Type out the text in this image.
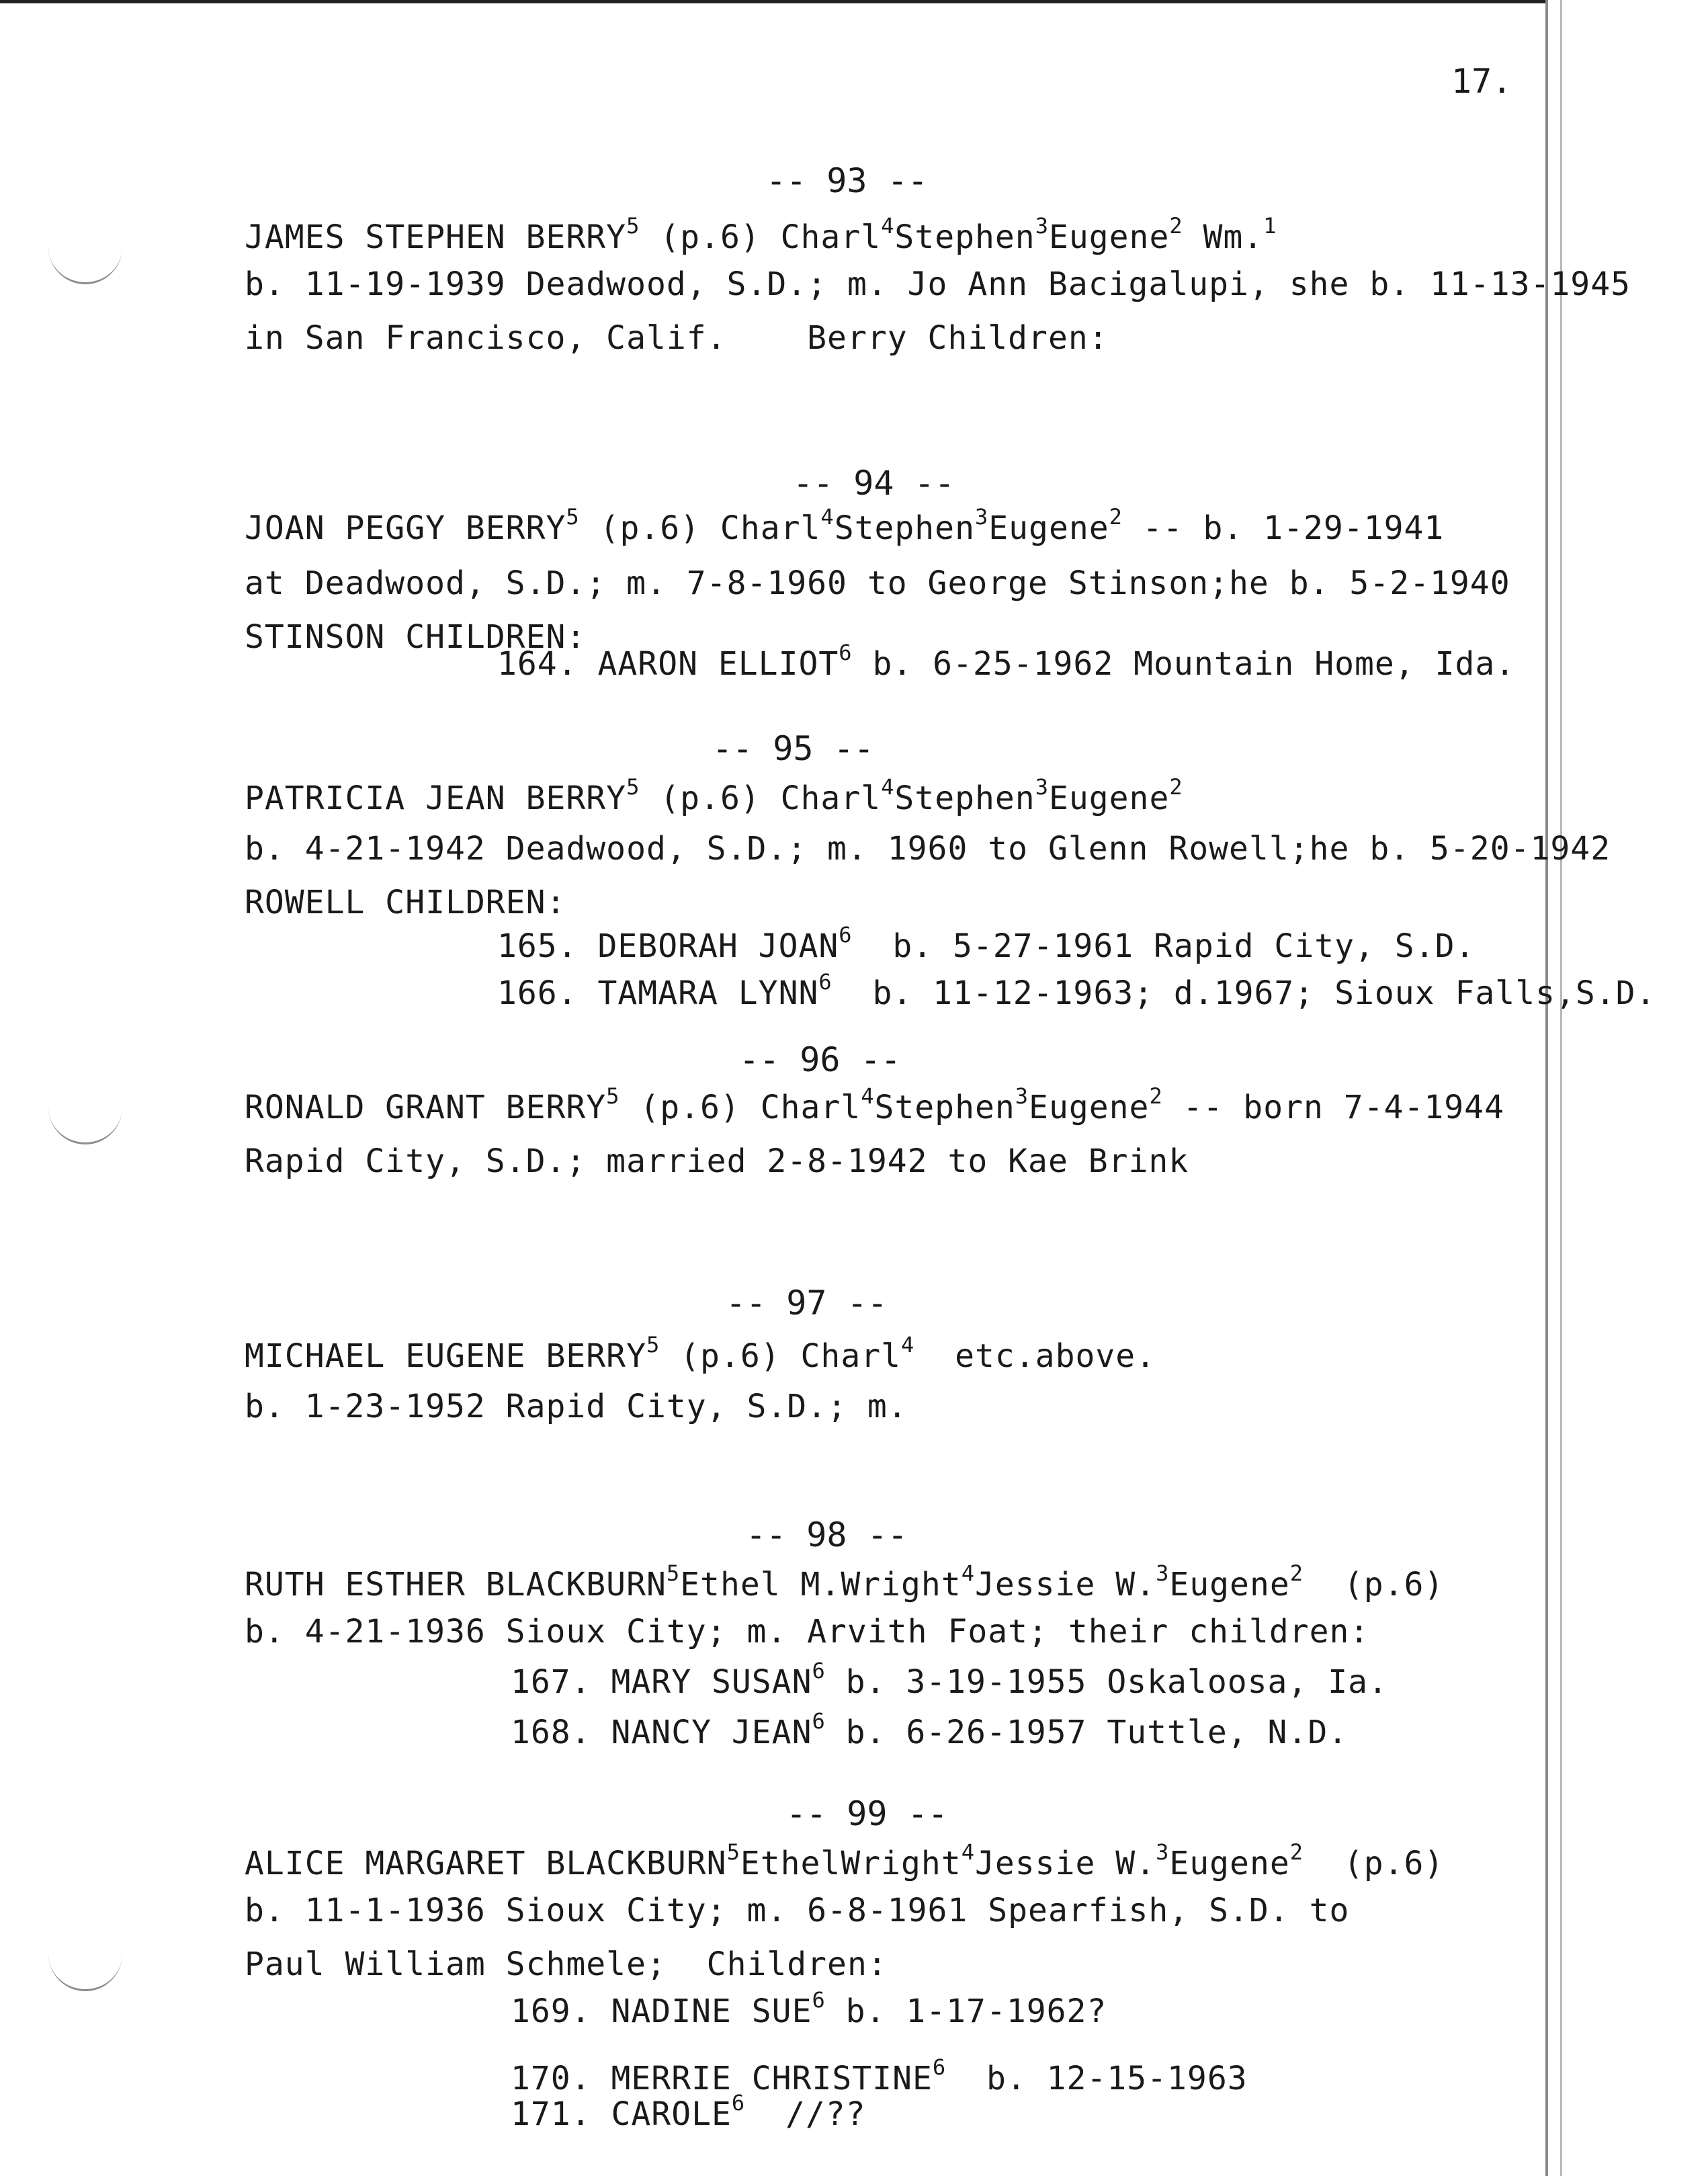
17.
-- 93 --
JAMES STEPHEN BERRY$^5$ (p.6) Charl$^4$Stephen$^3$Eugene$^2$ Wm.$^1$
b. 11-19-1939 Deadwood, S.D.; m. Jo Ann Bacigalupi, she b. 11-13-1945
in San Francisco, Calif.    Berry Children:
-- 94 --
JOAN PEGGY BERRY$^5$ (p.6) Charl$^4$Stephen$^3$Eugene$^2$ -- b. 1-29-1941
at Deadwood, S.D.; m. 7-8-1960 to George Stinson;he b. 5-2-1940
STINSON CHILDREN:
164. AARON ELLIOT$^6$ b. 6-25-1962 Mountain Home, Ida.
-- 95 --
PATRICIA JEAN BERRY$^5$ (p.6) Charl$^4$Stephen$^3$Eugene$^2$
b. 4-21-1942 Deadwood, S.D.; m. 1960 to Glenn Rowell;he b. 5-20-1942
ROWELL CHILDREN:
165. DEBORAH JOAN$^6$  b. 5-27-1961 Rapid City, S.D.
166. TAMARA LYNN$^6$  b. 11-12-1963; d.1967; Sioux Falls,S.D.
-- 96 --
RONALD GRANT BERRY$^5$ (p.6) Charl$^4$Stephen$^3$Eugene$^2$ -- born 7-4-1944
Rapid City, S.D.; married 2-8-1942 to Kae Brink
-- 97 --
MICHAEL EUGENE BERRY$^5$ (p.6) Charl$^4$  etc.above.
b. 1-23-1952 Rapid City, S.D.; m.
-- 98 --
RUTH ESTHER BLACKBURN$^5$Ethel M.Wright$^4$Jessie W.$^3$Eugene$^2$  (p.6)
b. 4-21-1936 Sioux City; m. Arvith Foat; their children:
167. MARY SUSAN$^6$ b. 3-19-1955 Oskaloosa, Ia.
168. NANCY JEAN$^6$ b. 6-26-1957 Tuttle, N.D.
-- 99 --
ALICE MARGARET BLACKBURN$^5$EthelWright$^4$Jessie W.$^3$Eugene$^2$  (p.6)
b. 11-1-1936 Sioux City; m. 6-8-1961 Spearfish, S.D. to
Paul William Schmele;  Children:
169. NADINE SUE$^6$ b. 1-17-1962?
170. MERRIE CHRISTINE$^6$  b. 12-15-1963
171. CAROLE$^6$  //??
